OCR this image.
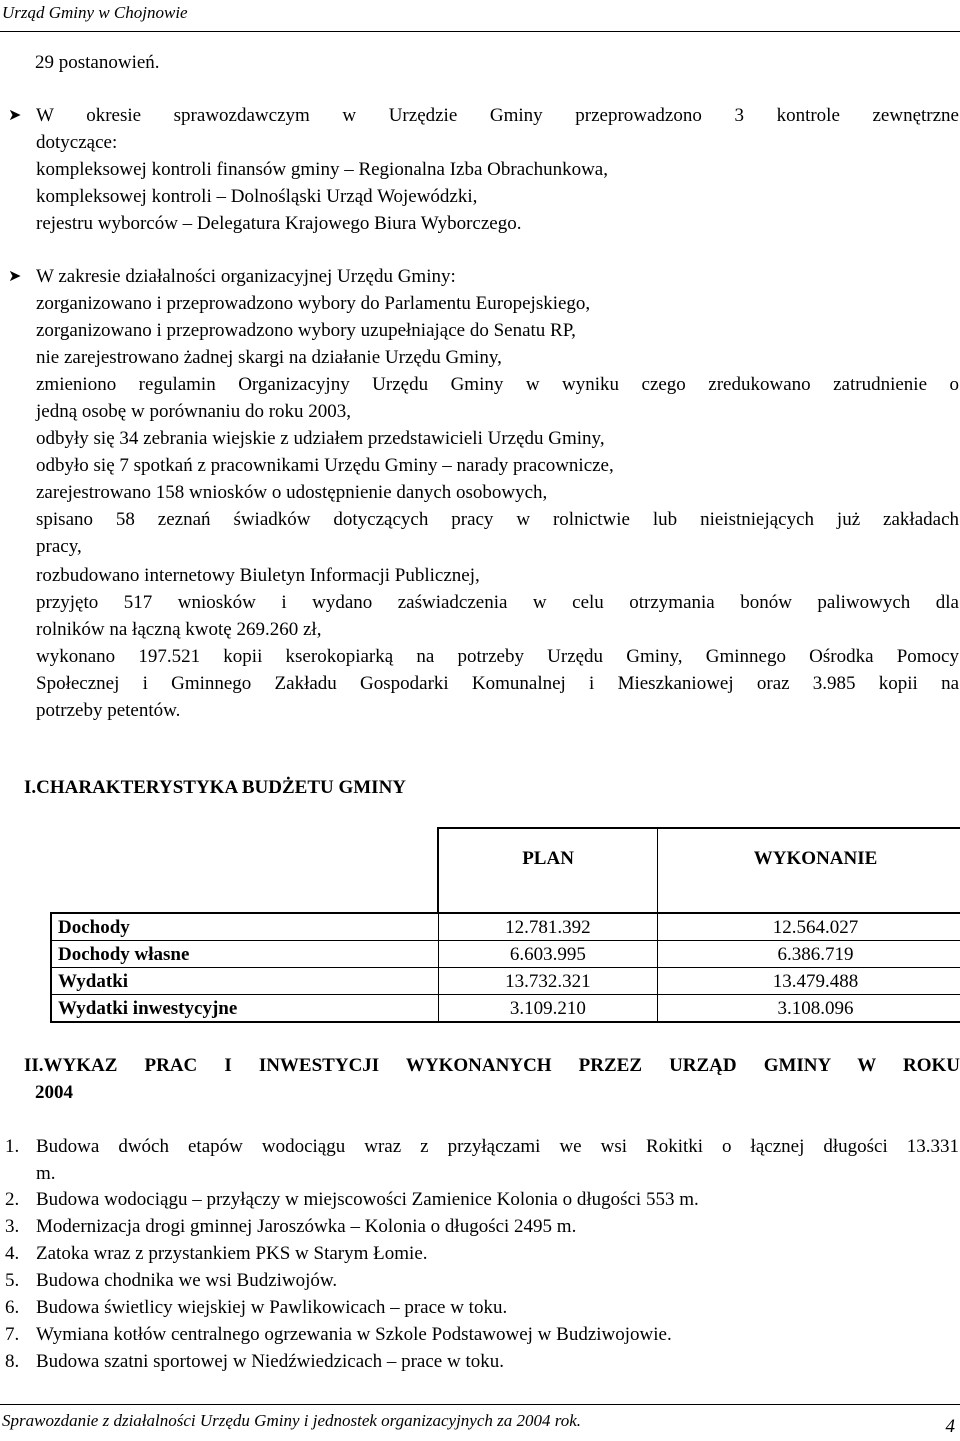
Urząd Gminy w Chojnowie
29 postanowień.
➤ W okresie sprawozdawczym w Urzędzie Gminy przeprowadzono 3 kontrole zewnętrzne
dotyczące:
kompleksowej kontroli finansów gminy – Regionalna Izba Obrachunkowa,
kompleksowej kontroli – Dolnośląski Urząd Wojewódzki,
rejestru wyborców – Delegatura Krajowego Biura Wyborczego.
➤ W zakresie działalności organizacyjnej Urzędu Gminy:
zorganizowano i przeprowadzono wybory do Parlamentu Europejskiego,
zorganizowano i przeprowadzono wybory uzupełniające do Senatu RP,
nie zarejestrowano żadnej skargi na działanie Urzędu Gminy,
zmieniono regulamin Organizacyjny Urzędu Gminy w wyniku czego zredukowano zatrudnienie o
jedną osobę w porównaniu do roku 2003,
odbyły się 34 zebrania wiejskie z udziałem przedstawicieli Urzędu Gminy,
odbyło się 7 spotkań z pracownikami Urzędu Gminy – narady pracownicze,
zarejestrowano 158 wniosków o udostępnienie danych osobowych,
spisano 58 zeznań świadków dotyczących pracy w rolnictwie lub nieistniejących już zakładach
pracy,
rozbudowano internetowy Biuletyn Informacji Publicznej,
przyjęto 517 wniosków i wydano zaświadczenia w celu otrzymania bonów paliwowych dla
rolników na łączną kwotę 269.260 zł,
wykonano 197.521 kopii kserokopiarką na potrzeby Urzędu Gminy, Gminnego Ośrodka Pomocy
Społecznej i Gminnego Zakładu Gospodarki Komunalnej i Mieszkaniowej oraz 3.985 kopii na
potrzeby petentów.
I.CHARAKTERYSTYKA BUDŻETU GMINY
	PLAN	WYKONANIE

Dochody	12.781.392	12.564.027
Dochody własne	6.603.995	6.386.719
Wydatki	13.732.321	13.479.488
Wydatki inwestycyjne	3.109.210	3.108.096
II.WYKAZ PRAC I INWESTYCJI WYKONANYCH PRZEZ URZĄD GMINY W ROKU
2004
1. Budowa dwóch etapów wodociągu wraz z przyłączami we wsi Rokitki o łącznej długości 13.331
m.
2. Budowa wodociągu – przyłączy w miejscowości Zamienice Kolonia o długości 553 m.
3. Modernizacja drogi gminnej Jaroszówka – Kolonia o długości 2495 m.
4. Zatoka wraz z przystankiem PKS w Starym Łomie.
5. Budowa chodnika we wsi Budziwojów.
6. Budowa świetlicy wiejskiej w Pawlikowicach – prace w toku.
7. Wymiana kotłów centralnego ogrzewania w Szkole Podstawowej w Budziwojowie.
8. Budowa szatni sportowej w Niedźwiedzicach – prace w toku.
Sprawozdanie z działalności Urzędu Gminy i jednostek organizacyjnych za 2004 rok.	4
